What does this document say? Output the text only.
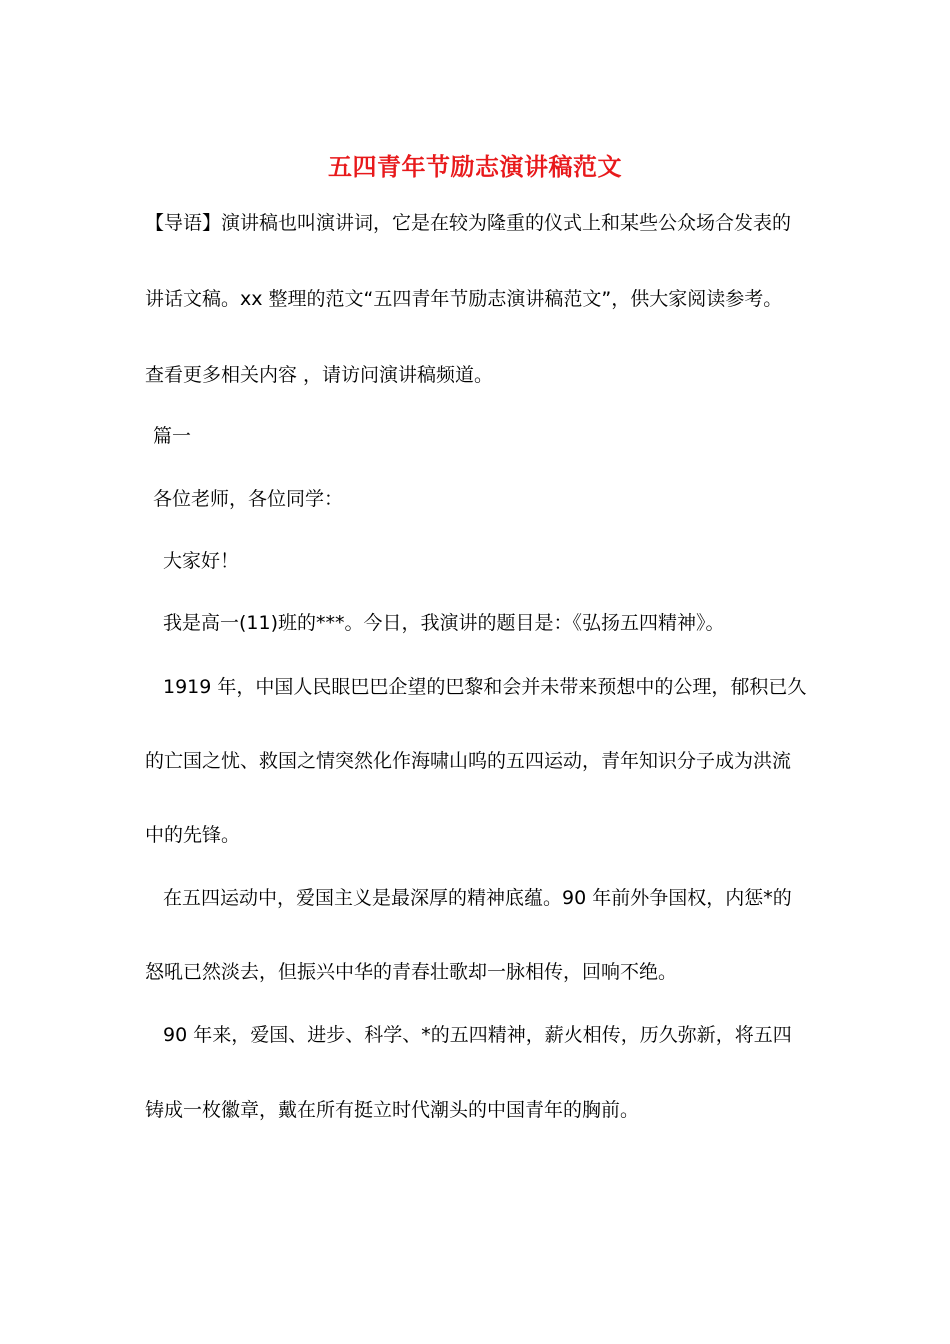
五四青年节励志演讲稿范文
【导语】演讲稿也叫演讲词，它是在较为隆重的仪式上和某些公众场合发表的
讲话文稿。xx 整理的范文“五四青年节励志演讲稿范文”，供大家阅读参考。
查看更多相关内容 ，请访问演讲稿频道。
篇一
各位老师，各位同学：
大家好！
我是高一(11)班的***。今日，我演讲的题目是：《弘扬五四精神》。
1919 年，中国人民眼巴巴企望的巴黎和会并未带来预想中的公理，郁积已久
的亡国之忧、救国之情突然化作海啸山呜的五四运动，青年知识分子成为洪流
中的先锋。
在五四运动中，爱国主义是最深厚的精神底蕴。90 年前外争国权，内惩*的
怒吼已然淡去，但振兴中华的青春壮歌却一脉相传，回响不绝。
90 年来，爱国、进步、科学、*的五四精神，薪火相传，历久弥新，将五四
铸成一枚徽章，戴在所有挺立时代潮头的中国青年的胸前。
